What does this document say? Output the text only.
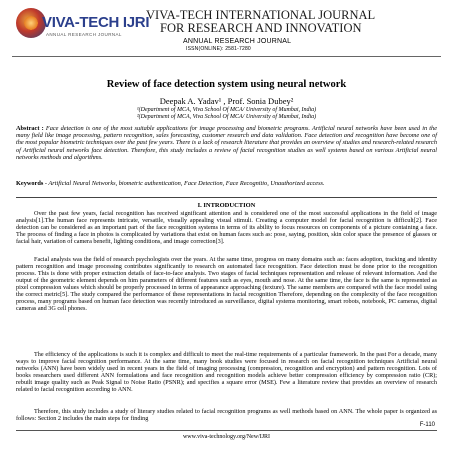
VIVA-TECH IJRI
ANNUAL RESEARCH JOURNAL
VIVA-TECH INTERNATIONAL JOURNAL
FOR RESEARCH AND INNOVATION
ANNUAL RESEARCH JOURNAL
ISSN(ONLINE): 2581-7280
Review of face detection system using neural network
Deepak A. Yadav¹ , Prof. Sonia Dubey²
¹(Department of MCA, Viva School Of MCA/ University of Mumbai, India)
²(Department of MCA, Viva School Of MCA/ University of Mumbai, India)
Abstract : Face detection is one of the most suitable applications for image processing and biometric programs. Artificial neural networks have been used in the many field like image processing, pattern recognition, sales forecasting, customer research and data validation. Face detection and recognition have become one of the most popular biometric techniques over the past few years. There is a lack of research literature that provides an overview of studies and research-related research of Artificial neural networks face detection. Therefore, this study includes a review of facial recognition studies as well systems based on various Artificial neural networks methods and algorithms.
Keywords - Artificial Neural Networks, biometric authentication, Face Detection, Face Recognitio, Unauthorized access.
I. INTRODUCTION
Over the past few years, facial recognition has received significant attention and is considered one of the most successful applications in the field of image analysis[1].The human face represents intricate, versatile, visually appealing visual stimuli. Creating a computer model for facial recognition is difficult[2]. Face detection can be considered as an important part of the face recognition systems in terms of its ability to focus resources on components of a picture containing a face. The process of finding a face in photos is complicated by variations that exist on human faces such as: pose, saying, position, skin color space the presence of glasses or facial hair, variation of camera benefit, lighting conditions, and image correction[3].
Facial analysis was the field of research psychologists over the years. At the same time, progress on many domains such as: faces adoption, tracking and identity pattern recognition and image processing contributes significantly to research on automated face recognition. Face detection must be done prior to the recognition process. This is done with proper extraction details of face-to-face analysis. Two stages of facial techniques representation and release of relevant information. And the output of the geometric element depends on him parameters of different features such as eyes, mouth and nose. At the same time, the face is the same is represented as pixel compression values which should be properly processed in terms of appearance approaching (texture). The same members are compared with the face model using the correct metric[5]. The study compared the performance of these representations in facial recognition Therefore, depending on the complexity of the face recognition process, many programs based on human face detection was recently introduced as surveillance, digital systems monitoring, smart robots, notebook, PC cameras, digital cameras and 3G cell phones.
The efficiency of the applications is such it is complex and difficult to meet the real-time requirements of a particular framework. In the past For a decade, many ways to improve facial recognition performance. At the same time, many book studies were focused in research on facial recognition techniques Artificial neural networks (ANN) have been widely used in recent years in the field of imaging processing (compression, recognition and encryption) and pattern recognition. Lots of books researchers used different ANN formulations and face recognition and recognition models achieve better compression efficiency by compression ratio (CR); rebuilt image quality such as Peak Signal to Noise Ratio (PSNR); and specifies a square error (MSE). Few a literature review that provides an overview of research related to facial recognition according to ANN.
Therefore, this study includes a study of literary studies related to facial recognition programs as well methods based on ANN. The whole paper is organized as follows: Section 2 includes the main steps for finding
F-110
www.viva-technology.org/New/IJRI
